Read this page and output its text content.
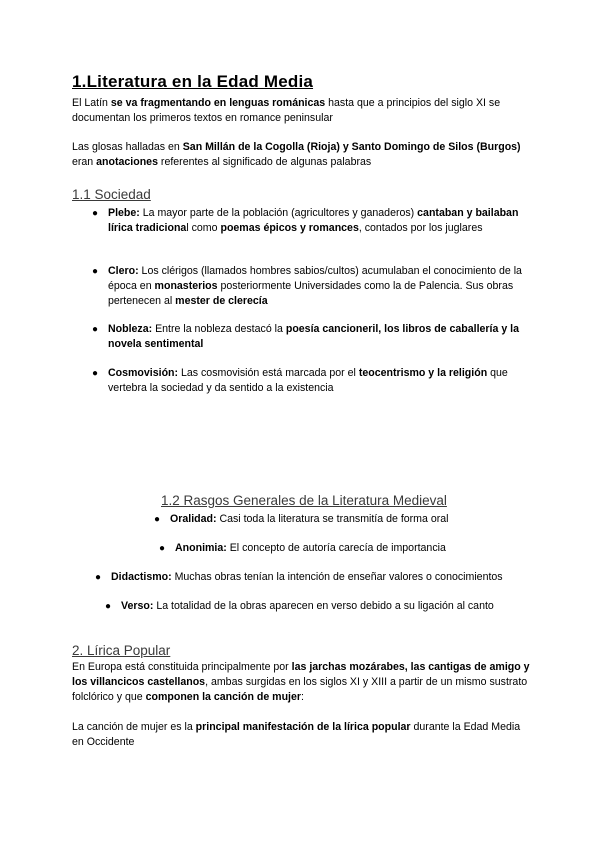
1.Literatura en la Edad Media

El Latín se va fragmentando en lenguas románicas hasta que a principios del siglo XI se documentan los primeros textos en romance peninsular

Las glosas halladas en San Millán de la Cogolla (Rioja) y Santo Domingo de Silos (Burgos) eran anotaciones referentes al significado de algunas palabras

1.1 Sociedad
● Plebe: La mayor parte de la población (agricultores y ganaderos) cantaban y bailaban lírica tradicional como poemas épicos y romances, contados por los juglares

● Clero: Los clérigos (llamados hombres sabios/cultos) acumulaban el conocimiento de la época en monasterios posteriormente Universidades como la de Palencia. Sus obras pertenecen al mester de clerecía

● Nobleza: Entre la nobleza destacó la poesía cancioneril, los libros de caballería y la novela sentimental

● Cosmovisión: Las cosmovisión está marcada por el teocentrismo y la religión que vertebra la sociedad y da sentido a la existencia

1.2 Rasgos Generales de la Literatura Medieval
● Oralidad: Casi toda la literatura se transmitía de forma oral

● Anonimia: El concepto de autoría carecía de importancia

● Didactismo: Muchas obras tenían la intención de enseñar valores o conocimientos

● Verso: La totalidad de la obras aparecen en verso debido a su ligación al canto

2. Lírica Popular

En Europa está constituida principalmente por las jarchas mozárabes, las cantigas de amigo y los villancicos castellanos, ambas surgidas en los siglos XI y XIII a partir de un mismo sustrato folclórico y que componen la canción de mujer:

La canción de mujer es la principal manifestación de la lírica popular durante la Edad Media en Occidente
